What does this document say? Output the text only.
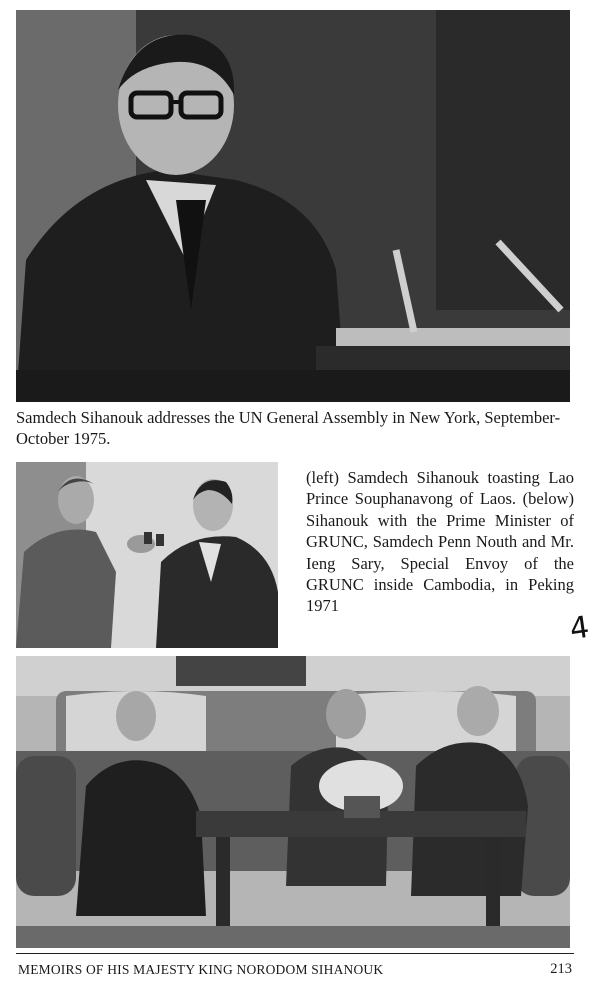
Samdech Sihanouk addresses the UN General Assembly in New York, September-October 1975.
(left) Samdech Sihanouk toasting Lao Prince Souphanavong of Laos. (below) Sihanouk with the Prime Minister of GRUNC, Samdech Penn Nouth and Mr. Ieng Sary, Special Envoy of the GRUNC inside Cambodia, in Peking 1971
4
MEMOIRS OF HIS MAJESTY KING NORODOM SIHANOUK	213
